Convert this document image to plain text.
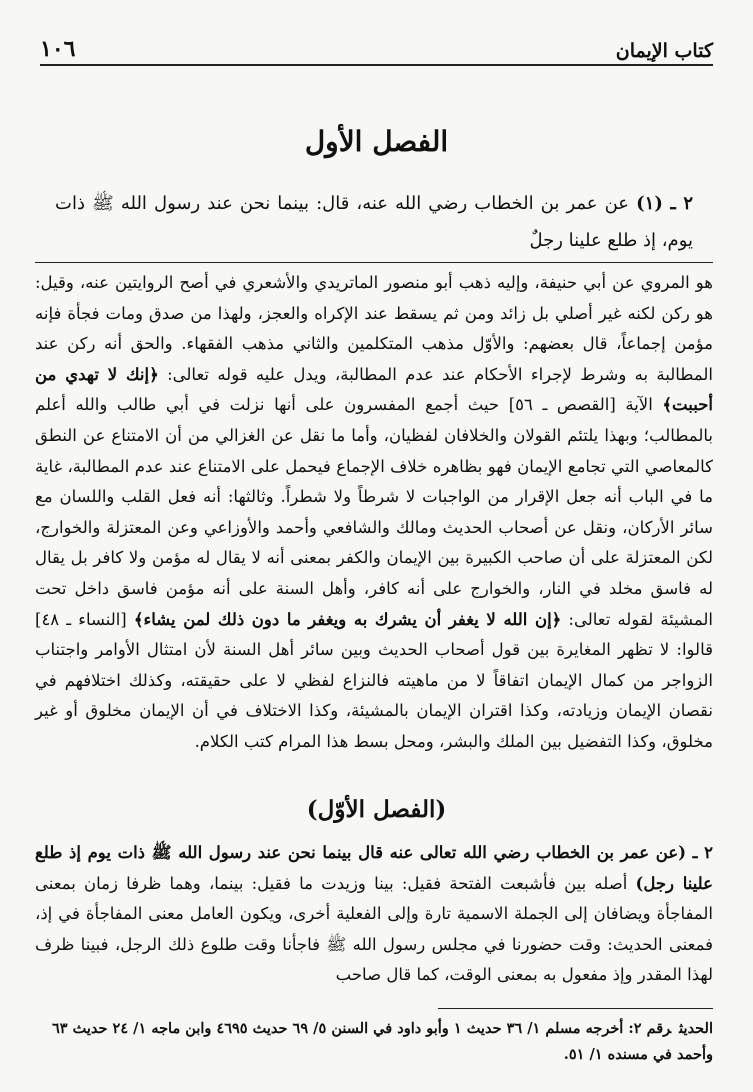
كتاب الإيمان
١٠٦
الفصل الأول
٢ ـ (١) عن عمر بن الخطاب رضي الله عنه، قال: بينما نحن عند رسول الله ﷺ ذات يوم، إذ طلع علينا رجلٌ
هو المروي عن أبي حنيفة، وإليه ذهب أبو منصور الماتريدي والأشعري في أصح الروايتين عنه، وقيل: هو ركن لكنه غير أصلي بل زائد ومن ثم يسقط عند الإكراه والعجز، ولهذا من صدق ومات فجأة فإنه مؤمن إجماعاً، قال بعضهم: والأوّل مذهب المتكلمين والثاني مذهب الفقهاء. والحق أنه ركن عند المطالبة به وشرط لإجراء الأحكام عند عدم المطالبة، ويدل عليه قوله تعالى: ﴿إنك لا تهدي من أحببت﴾ الآية [القصص ـ ٥٦] حيث أجمع المفسرون على أنها نزلت في أبي طالب والله أعلم بالمطالب؛ وبهذا يلتئم القولان والخلافان لفظيان، وأما ما نقل عن الغزالي من أن الامتناع عن النطق كالمعاصي التي تجامع الإيمان فهو بظاهره خلاف الإجماع فيحمل على الامتناع عند عدم المطالبة، غاية ما في الباب أنه جعل الإقرار من الواجبات لا شرطاً ولا شطراً. وثالثها: أنه فعل القلب واللسان مع سائر الأركان، ونقل عن أصحاب الحديث ومالك والشافعي وأحمد والأوزاعي وعن المعتزلة والخوارج، لكن المعتزلة على أن صاحب الكبيرة بين الإيمان والكفر بمعنى أنه لا يقال له مؤمن ولا كافر بل يقال له فاسق مخلد في النار، والخوارج على أنه كافر، وأهل السنة على أنه مؤمن فاسق داخل تحت المشيئة لقوله تعالى: ﴿إن الله لا يغفر أن يشرك به ويغفر ما دون ذلك لمن يشاء﴾ [النساء ـ ٤٨] قالوا: لا تظهر المغايرة بين قول أصحاب الحديث وبين سائر أهل السنة لأن امتثال الأوامر واجتناب الزواجر من كمال الإيمان اتفاقاً لا من ماهيته فالنزاع لفظي لا على حقيقته، وكذلك اختلافهم في نقصان الإيمان وزيادته، وكذا اقتران الإيمان بالمشيئة، وكذا الاختلاف في أن الإيمان مخلوق أو غير مخلوق، وكذا التفضيل بين الملك والبشر، ومحل بسط هذا المرام كتب الكلام.
(الفصل الأوّل)
٢ ـ (عن عمر بن الخطاب رضي الله تعالى عنه قال بينما نحن عند رسول الله ﷺ ذات يوم إذ طلع علينا رجل) أصله بين فأشبعت الفتحة فقيل: بينا وزيدت ما فقيل: بينما، وهما ظرفا زمان بمعنى المفاجأة ويضافان إلى الجملة الاسمية تارة وإلى الفعلية أخرى، ويكون العامل معنى المفاجأة في إذ، فمعنى الحديث: وقت حضورنا في مجلس رسول الله ﷺ فاجأنا وقت طلوع ذلك الرجل، فبينا ظرف لهذا المقدر وإذ مفعول به بمعنى الوقت، كما قال صاحب
الحديثرقم ٢: أخرجه مسلم ١/ ٣٦ حديث ١ وأبو داود في السنن ٥/ ٦٩ حديث ٤٦٩٥ وابن ماجه ١/ ٢٤ حديث ٦٣ وأحمد في مسنده ١/ ٥١.
